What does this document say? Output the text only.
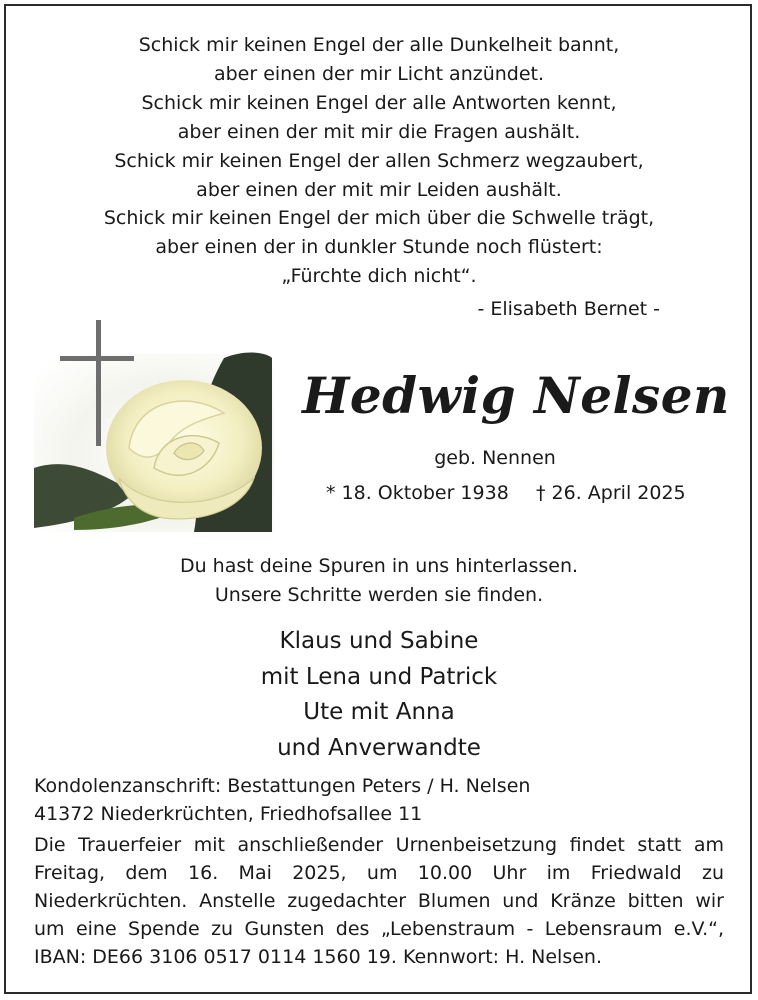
Schick mir keinen Engel der alle Dunkelheit bannt,
aber einen der mir Licht anzündet.
Schick mir keinen Engel der alle Antworten kennt,
aber einen der mit mir die Fragen aushält.
Schick mir keinen Engel der allen Schmerz wegzaubert,
aber einen der mit mir Leiden aushält.
Schick mir keinen Engel der mich über die Schwelle trägt,
aber einen der in dunkler Stunde noch flüstert:
„Fürchte dich nicht“.
- Elisabeth Bernet -
Hedwig Nelsen
geb. Nennen
* 18. Oktober 1938 † 26. April 2025
Du hast deine Spuren in uns hinterlassen.
Unsere Schritte werden sie finden.
Klaus und Sabine
mit Lena und Patrick
Ute mit Anna
und Anverwandte
Kondolenzanschrift: Bestattungen Peters / H. Nelsen
41372 Niederkrüchten, Friedhofsallee 11
Die Trauerfeier mit anschließender Urnenbeisetzung findet statt am
Freitag, dem 16. Mai 2025, um 10.00 Uhr im Friedwald zu
Niederkrüchten. Anstelle zugedachter Blumen und Kränze bitten wir
um eine Spende zu Gunsten des „Lebenstraum - Lebensraum e.V.“,
IBAN: DE66 3106 0517 0114 1560 19. Kennwort: H. Nelsen.
